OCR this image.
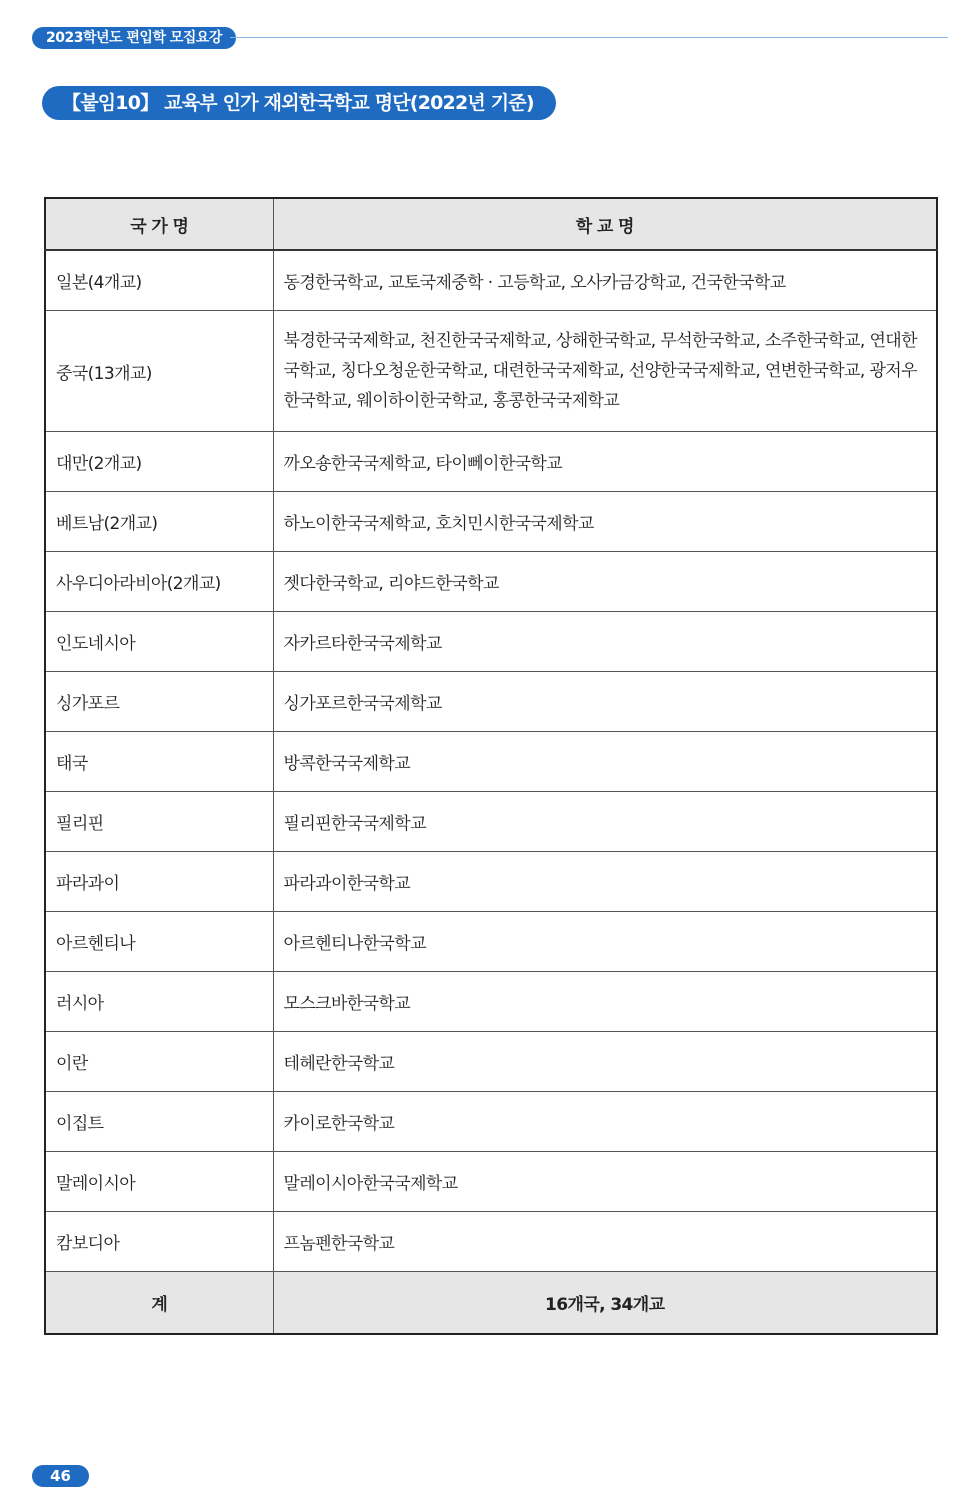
2023학년도 편입학 모집요강
【붙임10】 교육부 인가 재외한국학교 명단(2022년 기준)
국 가 명	학 교 명
일본(4개교)	동경한국학교, 교토국제중학 · 고등학교, 오사카금강학교, 건국한국학교
중국(13개교)	북경한국국제학교, 천진한국국제학교, 상해한국학교, 무석한국학교, 소주한국학교, 연대한국학교, 칭다오청운한국학교, 대련한국국제학교, 선양한국국제학교, 연변한국학교, 광저우한국학교, 웨이하이한국학교, 홍콩한국국제학교
대만(2개교)	까오숑한국국제학교, 타이뻬이한국학교
베트남(2개교)	하노이한국국제학교, 호치민시한국국제학교
사우디아라비아(2개교)	젯다한국학교, 리야드한국학교
인도네시아	자카르타한국국제학교
싱가포르	싱가포르한국국제학교
태국	방콕한국국제학교
필리핀	필리핀한국국제학교
파라과이	파라과이한국학교
아르헨티나	아르헨티나한국학교
러시아	모스크바한국학교
이란	테헤란한국학교
이집트	카이로한국학교
말레이시아	말레이시아한국국제학교
캄보디아	프놈펜한국학교
계	16개국, 34개교
46
